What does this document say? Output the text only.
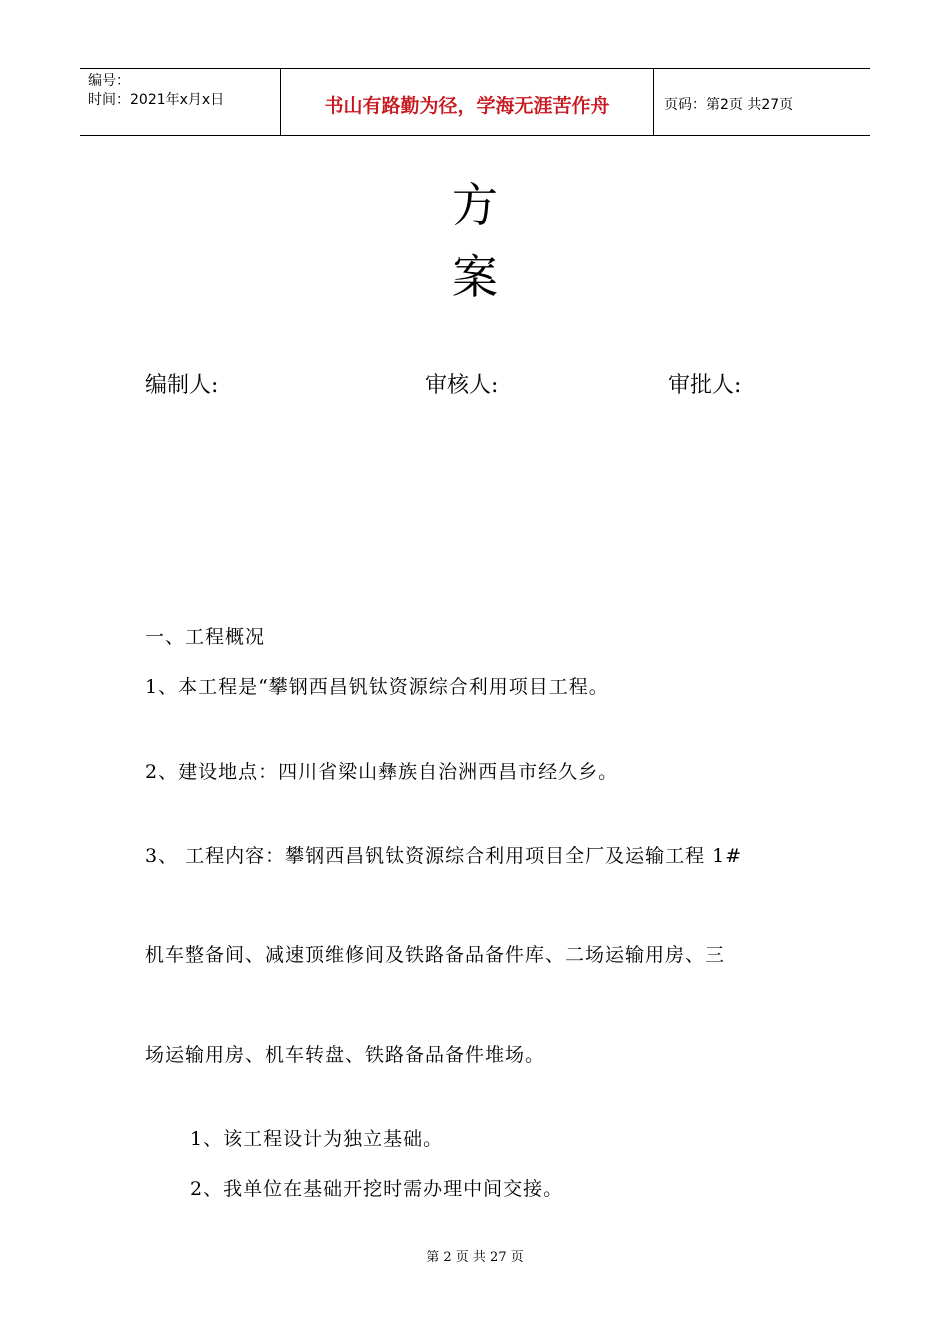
编号：
时间：2021年x月x日	书山有路勤为径，学海无涯苦作舟	页码：第2页 共27页
方
案
编制人:	审核人:	审批人:
一、工程概况
1、本工程是“攀钢西昌钒钛资源综合利用项目工程。
2、建设地点：四川省梁山彝族自治洲西昌市经久乡。
3、 工程内容：攀钢西昌钒钛资源综合利用项目全厂及运输工程 1#
机车整备间、减速顶维修间及铁路备品备件库、二场运输用房、三
场运输用房、机车转盘、铁路备品备件堆场。
1、该工程设计为独立基础。
2、我单位在基础开挖时需办理中间交接。
第 2 页 共 27 页
